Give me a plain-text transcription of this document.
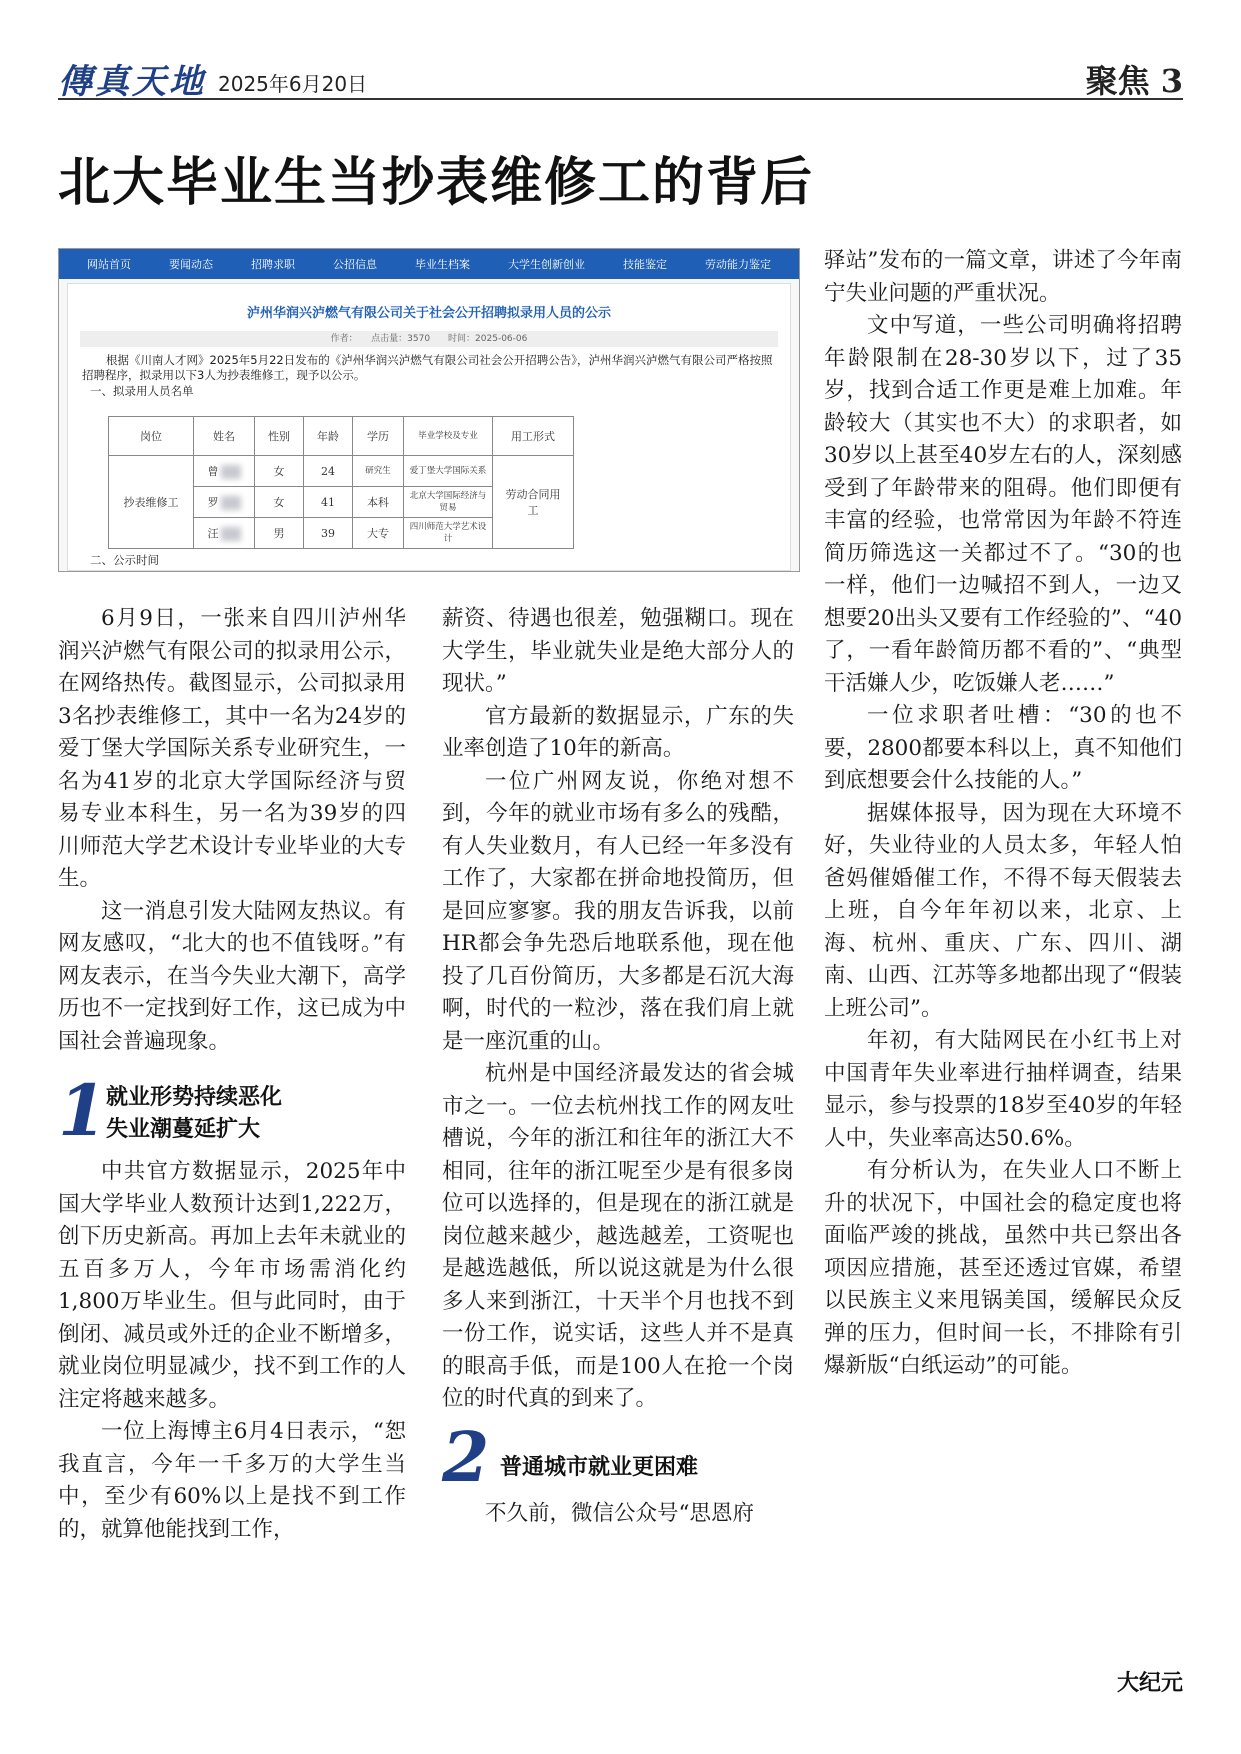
傳真天地 2025年6月20日	聚焦 3
北大毕业生当抄表维修工的背后
网站首页	要闻动态	招聘求职	公招信息	毕业生档案	大学生创新创业	技能鉴定	劳动能力鉴定
泸州华润兴泸燃气有限公司关于社会公开招聘拟录用人员的公示
作者：　　点击量：3570　　时间：2025-06-06
根据《川南人才网》2025年5月22日发布的《泸州华润兴泸燃气有限公司社会公开招聘公告》，泸州华润兴泸燃气有限公司严格按照招聘程序，拟录用以下3人为抄表维修工，现予以公示。
一、拟录用人员名单
岗位	姓名	性别	年龄	学历	毕业学校及专业	用工形式
抄表维修工	曾	女	24	研究生	爱丁堡大学国际关系	劳动合同用工
	罗	女	41	本科	北京大学国际经济与贸易	
	汪	男	39	大专	四川师范大学艺术设计	
二、公示时间

6月9日，一张来自四川泸州华润兴泸燃气有限公司的拟录用公示，在网络热传。截图显示，公司拟录用3名抄表维修工，其中一名为24岁的爱丁堡大学国际关系专业研究生，一名为41岁的北京大学国际经济与贸易专业本科生，另一名为39岁的四川师范大学艺术设计专业毕业的大专生。

这一消息引发大陆网友热议。有网友感叹，“北大的也不值钱呀。”有网友表示，在当今失业大潮下，高学历也不一定找到好工作，这已成为中国社会普遍现象。

1 就业形势持续恶化
失业潮蔓延扩大

中共官方数据显示，2025年中国大学毕业人数预计达到1,222万，创下历史新高。再加上去年未就业的五百多万人，今年市场需消化约1,800万毕业生。但与此同时，由于倒闭、减员或外迁的企业不断增多，就业岗位明显减少，找不到工作的人注定将越来越多。

一位上海博主6月4日表示，“恕我直言，今年一千多万的大学生当中，至少有60%以上是找不到工作的，就算他能找到工作，

薪资、待遇也很差，勉强糊口。现在大学生，毕业就失业是绝大部分人的现状。”

官方最新的数据显示，广东的失业率创造了10年的新高。

一位广州网友说，你绝对想不到，今年的就业市场有多么的残酷，有人失业数月，有人已经一年多没有工作了，大家都在拼命地投简历，但是回应寥寥。我的朋友告诉我，以前HR都会争先恐后地联系他，现在他投了几百份简历，大多都是石沉大海啊，时代的一粒沙，落在我们肩上就是一座沉重的山。

杭州是中国经济最发达的省会城市之一。一位去杭州找工作的网友吐槽说，今年的浙江和往年的浙江大不相同，往年的浙江呢至少是有很多岗位可以选择的，但是现在的浙江就是岗位越来越少，越选越差，工资呢也是越选越低，所以说这就是为什么很多人来到浙江，十天半个月也找不到一份工作，说实话，这些人并不是真的眼高手低，而是100人在抢一个岗位的时代真的到来了。

2 普通城市就业更困难

不久前，微信公众号“思恩府

驿站”发布的一篇文章，讲述了今年南宁失业问题的严重状况。

文中写道，一些公司明确将招聘年龄限制在28-30岁以下，过了35岁，找到合适工作更是难上加难。年龄较大（其实也不大）的求职者，如30岁以上甚至40岁左右的人，深刻感受到了年龄带来的阻碍。他们即便有丰富的经验，也常常因为年龄不符连简历筛选这一关都过不了。“30的也一样，他们一边喊招不到人，一边又想要20出头又要有工作经验的”、“40了，一看年龄简历都不看的”、“典型干活嫌人少，吃饭嫌人老……”

一位求职者吐槽：“30的也不要，2800都要本科以上，真不知他们到底想要会什么技能的人。”

据媒体报导，因为现在大环境不好，失业待业的人员太多，年轻人怕爸妈催婚催工作，不得不每天假装去上班，自今年年初以来，北京、上海、杭州、重庆、广东、四川、湖南、山西、江苏等多地都出现了“假装上班公司”。

年初，有大陆网民在小红书上对中国青年失业率进行抽样调查，结果显示，参与投票的18岁至40岁的年轻人中，失业率高达50.6%。

有分析认为，在失业人口不断上升的状况下，中国社会的稳定度也将面临严竣的挑战，虽然中共已祭出各项因应措施，甚至还透过官媒，希望以民族主义来甩锅美国，缓解民众反弹的压力，但时间一长，不排除有引爆新版“白纸运动”的可能。

大纪元
